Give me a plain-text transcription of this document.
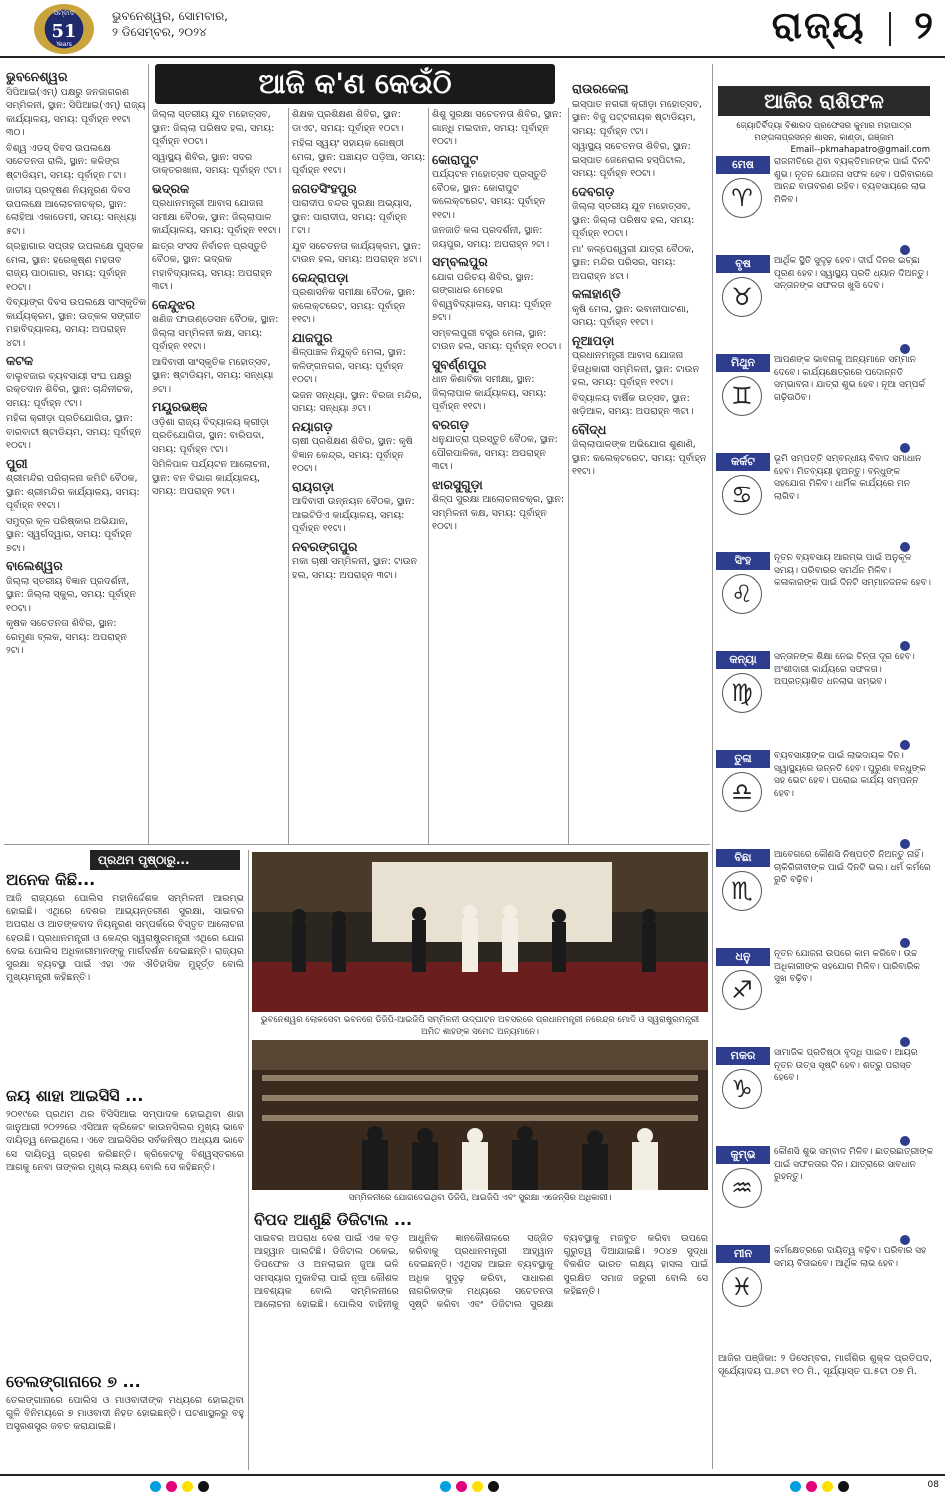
51
ସମ୍ବାଦ
Years
ଭୁବନେଶ୍ୱର, ସୋମବାର,
୨ ଡିସେମ୍ବର, ୨୦୨୪	ରାଜ୍ୟ ୨
ଆଜି କ'ଣ କେଉଁଠି
ଭୁବନେଶ୍ୱର

ସିପିଆଇ(ଏମ୍) ପକ୍ଷରୁ ଜନଜାଗରଣ ସମ୍ମିଳନୀ, ସ୍ଥାନ: ସିପିଆଇ(ଏମ୍) ରାଜ୍ୟ କାର୍ଯ୍ୟାଳୟ, ସମୟ: ପୂର୍ବାହ୍ନ ୧୧ଟା ୩୦।

ବିଶ୍ୱ ଏଡସ୍ ଦିବସ ଉପଲକ୍ଷେ ସଚେତନତା ରାଲି, ସ୍ଥାନ: କଳିଙ୍ଗ ଷ୍ଟାଡିୟମ, ସମୟ: ପୂର୍ବାହ୍ନ ୮ଟା।

ଜାତୀୟ ପ୍ରଦୂଷଣ ନିୟନ୍ତ୍ରଣ ଦିବସ ଉପଲକ୍ଷେ ଆଲୋଚନାଚକ୍ର, ସ୍ଥାନ: ଲୋହିଆ ଏକାଡେମୀ, ସମୟ: ସନ୍ଧ୍ୟା ୫ଟା।

ଗ୍ରନ୍ଥାଗାର ସପ୍ତାହ ଉପଲକ୍ଷେ ପୁସ୍ତକ ମେଳା, ସ୍ଥାନ: ହରେକୃଷ୍ଣ ମହତାବ ରାଜ୍ୟ ପାଠାଗାର, ସମୟ: ପୂର୍ବାହ୍ନ ୧୦ଟା।

ଦିବ୍ୟାଙ୍ଗ ଦିବସ ଉପଲକ୍ଷେ ସାଂସ୍କୃତିକ କାର୍ଯ୍ୟକ୍ରମ, ସ୍ଥାନ: ଉତ୍କଳ ସଙ୍ଗୀତ ମହାବିଦ୍ୟାଳୟ, ସମୟ: ଅପରାହ୍ନ ୪ଟା।

କଟକ

ବାଲୁବଜାର ବ୍ୟବସାୟୀ ସଂଘ ପକ୍ଷରୁ ରକ୍ତଦାନ ଶିବିର, ସ୍ଥାନ: ଚାନ୍ଦିନୀଚକ, ସମୟ: ପୂର୍ବାହ୍ନ ୯ଟା।

ମହିଳା କ୍ରୀଡ଼ା ପ୍ରତିଯୋଗିତା, ସ୍ଥାନ: ବାରବାଟୀ ଷ୍ଟାଡିୟମ, ସମୟ: ପୂର୍ବାହ୍ନ ୧୦ଟା।

ପୁରୀ

ଶ୍ରୀମନ୍ଦିର ପରିଚାଳନା କମିଟି ବୈଠକ, ସ୍ଥାନ: ଶ୍ରୀମନ୍ଦିର କାର୍ଯ୍ୟାଳୟ, ସମୟ: ପୂର୍ବାହ୍ନ ୧୧ଟା।

ସମୁଦ୍ର କୂଳ ପରିଷ୍କାର ଅଭିଯାନ, ସ୍ଥାନ: ସ୍ୱର୍ଗଦ୍ୱାର, ସମୟ: ପୂର୍ବାହ୍ନ ୭ଟା।

ବାଲେଶ୍ୱର

ଜିଲ୍ଲା ସ୍ତରୀୟ ବିଜ୍ଞାନ ପ୍ରଦର୍ଶନୀ, ସ୍ଥାନ: ଜିଲ୍ଲା ସ୍କୁଲ, ସମୟ: ପୂର୍ବାହ୍ନ ୧୦ଟା।

କୃଷକ ସଚେତନତା ଶିବିର, ସ୍ଥାନ: ରେମୁଣା ବ୍ଲକ, ସମୟ: ଅପରାହ୍ନ ୨ଟା।

ଜିଲ୍ଲା ସ୍ତରୀୟ ଯୁବ ମହୋତ୍ସବ, ସ୍ଥାନ: ଜିଲ୍ଲା ପରିଷଦ ହଲ, ସମୟ: ପୂର୍ବାହ୍ନ ୧୦ଟା।

ସ୍ୱାସ୍ଥ୍ୟ ଶିବିର, ସ୍ଥାନ: ସଦର ଡାକ୍ତରଖାନା, ସମୟ: ପୂର୍ବାହ୍ନ ୯ଟା।

ଭଦ୍ରକ

ପ୍ରଧାନମନ୍ତ୍ରୀ ଆବାସ ଯୋଜନା ସମୀକ୍ଷା ବୈଠକ, ସ୍ଥାନ: ଜିଲ୍ଲାପାଳ କାର୍ଯ୍ୟାଳୟ, ସମୟ: ପୂର୍ବାହ୍ନ ୧୧ଟା।

ଛାତ୍ର ସଂସଦ ନିର୍ବାଚନ ପ୍ରସ୍ତୁତି ବୈଠକ, ସ୍ଥାନ: ଭଦ୍ରକ ମହାବିଦ୍ୟାଳୟ, ସମୟ: ଅପରାହ୍ନ ୩ଟା।

କେନ୍ଦୁଝର

ଖଣିଜ ଫାଉଣ୍ଡେସନ ବୈଠକ, ସ୍ଥାନ: ଜିଲ୍ଲା ସମ୍ମିଳନୀ କକ୍ଷ, ସମୟ: ପୂର୍ବାହ୍ନ ୧୧ଟା।

ଆଦିବାସୀ ସାଂସ୍କୃତିକ ମହୋତ୍ସବ, ସ୍ଥାନ: ଷ୍ଟାଡିୟମ, ସମୟ: ସନ୍ଧ୍ୟା ୬ଟା।

ମୟୂରଭଞ୍ଜ

ଓଡ଼ିଶା ରାଜ୍ୟ ବିଦ୍ୟାଳୟ କ୍ରୀଡ଼ା ପ୍ରତିଯୋଗିତା, ସ୍ଥାନ: ବାରିପଦା, ସମୟ: ପୂର୍ବାହ୍ନ ୯ଟା।

ସିମିଳିପାଳ ପର୍ଯ୍ୟଟନ ଆଲୋଚନା, ସ୍ଥାନ: ବନ ବିଭାଗ କାର୍ଯ୍ୟାଳୟ, ସମୟ: ଅପରାହ୍ନ ୨ଟା।

ଶିକ୍ଷକ ପ୍ରଶିକ୍ଷଣ ଶିବିର, ସ୍ଥାନ: ଡାଏଟ, ସମୟ: ପୂର୍ବାହ୍ନ ୧୦ଟା।

ମହିଳା ସ୍ୱୟଂ ସହାୟକ ଗୋଷ୍ଠୀ ମେଳା, ସ୍ଥାନ: ପଞ୍ଚାୟତ ପଡ଼ିଆ, ସମୟ: ପୂର୍ବାହ୍ନ ୧୧ଟା।

ଜଗତସିଂହପୁର

ପାରାଦୀପ ବନ୍ଦର ସୁରକ୍ଷା ଅଭ୍ୟାସ, ସ୍ଥାନ: ପାରାଦୀପ, ସମୟ: ପୂର୍ବାହ୍ନ ୮ଟା।

ଯୁବ ସଚେତନତା କାର୍ଯ୍ୟକ୍ରମ, ସ୍ଥାନ: ଟାଉନ ହଲ, ସମୟ: ଅପରାହ୍ନ ୪ଟା।

କେନ୍ଦ୍ରାପଡ଼ା

ପ୍ରଶାସନିକ ସମୀକ୍ଷା ବୈଠକ, ସ୍ଥାନ: କଲେକ୍ଟରେଟ, ସମୟ: ପୂର୍ବାହ୍ନ ୧୧ଟା।

ଯାଜପୁର

ଶିଳ୍ପାଞ୍ଚଳ ନିଯୁକ୍ତି ମେଳା, ସ୍ଥାନ: କଳିଙ୍ଗନଗର, ସମୟ: ପୂର୍ବାହ୍ନ ୧୦ଟା।

ଭଜନ ସନ୍ଧ୍ୟା, ସ୍ଥାନ: ବିରଜା ମନ୍ଦିର, ସମୟ: ସନ୍ଧ୍ୟା ୬ଟା।

ନୟାଗଡ଼

ଚାଷୀ ପ୍ରଶିକ୍ଷଣ ଶିବିର, ସ୍ଥାନ: କୃଷି ବିଜ୍ଞାନ କେନ୍ଦ୍ର, ସମୟ: ପୂର୍ବାହ୍ନ ୧୦ଟା।

ରାୟଗଡ଼ା

ଆଦିବାସୀ ଉନ୍ନୟନ ବୈଠକ, ସ୍ଥାନ: ଆଇଟିଡିଏ କାର୍ଯ୍ୟାଳୟ, ସମୟ: ପୂର୍ବାହ୍ନ ୧୧ଟା।

ନବରଙ୍ଗପୁର

ମକା ଚାଷୀ ସମ୍ମିଳନୀ, ସ୍ଥାନ: ଟାଉନ ହଲ, ସମୟ: ଅପରାହ୍ନ ୩ଟା।

ଶିଶୁ ସୁରକ୍ଷା ସଚେତନତା ଶିବିର, ସ୍ଥାନ: ଗାନ୍ଧି ମଇଦାନ, ସମୟ: ପୂର୍ବାହ୍ନ ୧୦ଟା।

କୋରାପୁଟ

ପର୍ଯ୍ୟଟନ ମହୋତ୍ସବ ପ୍ରସ୍ତୁତି ବୈଠକ, ସ୍ଥାନ: କୋରାପୁଟ କଲେକ୍ଟରେଟ, ସମୟ: ପୂର୍ବାହ୍ନ ୧୧ଟା।

ଜନଜାତି କଳା ପ୍ରଦର୍ଶନୀ, ସ୍ଥାନ: ଜୟପୁର, ସମୟ: ଅପରାହ୍ନ ୨ଟା।

ସମ୍ବଲପୁର

ଯୋଗ ପରିଚୟ ଶିବିର, ସ୍ଥାନ: ଗଙ୍ଗାଧର ମେହେର ବିଶ୍ୱବିଦ୍ୟାଳୟ, ସମୟ: ପୂର୍ବାହ୍ନ ୭ଟା।

ସମ୍ବଲପୁରୀ ବସ୍ତ୍ର ମେଳା, ସ୍ଥାନ: ଟାଉନ ହଲ, ସମୟ: ପୂର୍ବାହ୍ନ ୧୦ଟା।

ସୁବର୍ଣ୍ଣପୁର

ଧାନ କିଣାବିକା ସମୀକ୍ଷା, ସ୍ଥାନ: ଜିଲ୍ଲାପାଳ କାର୍ଯ୍ୟାଳୟ, ସମୟ: ପୂର୍ବାହ୍ନ ୧୧ଟା।

ବରଗଡ଼

ଧନୁଯାତ୍ରା ପ୍ରସ୍ତୁତି ବୈଠକ, ସ୍ଥାନ: ପୌରପାଳିକା, ସମୟ: ଅପରାହ୍ନ ୩ଟା।

ଝାରସୁଗୁଡ଼ା

ଶିଳ୍ପ ସୁରକ୍ଷା ଆଲୋଚନାଚକ୍ର, ସ୍ଥାନ: ସମ୍ମିଳନୀ କକ୍ଷ, ସମୟ: ପୂର୍ବାହ୍ନ ୧୦ଟା।

ରାଉରକେଲା

ଇସ୍ପାତ ନଗରୀ କ୍ରୀଡ଼ା ମହୋତ୍ସବ, ସ୍ଥାନ: ବିଜୁ ପଟ୍ଟନାୟକ ଷ୍ଟାଡିୟମ, ସମୟ: ପୂର୍ବାହ୍ନ ୯ଟା।

ସ୍ୱାସ୍ଥ୍ୟ ସଚେତନତା ଶିବିର, ସ୍ଥାନ: ଇସ୍ପାତ ଜେନେରାଲ ହସ୍ପିଟାଲ, ସମୟ: ପୂର୍ବାହ୍ନ ୧୦ଟା।

ଦେବଗଡ଼

ଜିଲ୍ଲା ସ୍ତରୀୟ ଯୁବ ମହୋତ୍ସବ, ସ୍ଥାନ: ଜିଲ୍ଲା ପରିଷଦ ହଲ, ସମୟ: ପୂର୍ବାହ୍ନ ୧୦ଟା।

ମା' କଳ୍ପେଶ୍ୱରୀ ଯାତ୍ରା ବୈଠକ, ସ୍ଥାନ: ମନ୍ଦିର ପରିସର, ସମୟ: ଅପରାହ୍ନ ୪ଟା।

କଳାହାଣ୍ଡି

କୃଷି ମେଳା, ସ୍ଥାନ: ଭବାନୀପାଟଣା, ସମୟ: ପୂର୍ବାହ୍ନ ୧୧ଟା।

ନୂଆପଡ଼ା

ପ୍ରଧାନମନ୍ତ୍ରୀ ଆବାସ ଯୋଜନା ହିତାଧିକାରୀ ସମ୍ମିଳନୀ, ସ୍ଥାନ: ଟାଉନ ହଲ, ସମୟ: ପୂର୍ବାହ୍ନ ୧୧ଟା।

ବିଦ୍ୟାଳୟ ବାର୍ଷିକ ଉତ୍ସବ, ସ୍ଥାନ: ଖଡ଼ିଆଳ, ସମୟ: ଅପରାହ୍ନ ୩ଟା।

ବୌଦ୍ଧ

ଜିଲ୍ଲାପାଳଙ୍କ ଅଭିଯୋଗ ଶୁଣାଣି, ସ୍ଥାନ: କଲେକ୍ଟରେଟ, ସମୟ: ପୂର୍ବାହ୍ନ ୧୧ଟା।

ଆଜିର ରାଶିଫଳ
ଜ୍ୟୋତିର୍ବିଦ୍ୟା ବିଶାରଦ ପ୍ରଫେସର କୁମାର ମହାପାତ୍ର
ମଙ୍ଗଳାପ୍ରସନ୍ନ ଶାସନ, କାଣ୍ଡା, ଗଞ୍ଜାମ
Email--pkmahapatro@gmail.com
ମେଷ
♈
ରାଜନୀତିରେ ଥିବା ବ୍ୟକ୍ତିମାନଙ୍କ ପାଇଁ ଦିନଟି ଶୁଭ। ନୂତନ ଯୋଜନା ସଫଳ ହେବ। ପରିବାରରେ ଆନନ୍ଦ ବାତାବରଣ ରହିବ। ବ୍ୟବସାୟରେ ଲାଭ ମିଳିବ।
ବୃଷ
♉
ଆର୍ଥିକ ସ୍ଥିତି ସୁଦୃଢ଼ ହେବ। ଦୀର୍ଘ ଦିନର ଇଚ୍ଛା ପୂରଣ ହେବ। ସ୍ୱାସ୍ଥ୍ୟ ପ୍ରତି ଧ୍ୟାନ ଦିଅନ୍ତୁ। ସନ୍ତାନଙ୍କ ସଫଳତା ଖୁସି ଦେବ।
ମିଥୁନ
♊
ଆପଣଙ୍କ ଭାବନାକୁ ଅନ୍ୟମାନେ ସମ୍ମାନ ଦେବେ। କାର୍ଯ୍ୟକ୍ଷେତ୍ରରେ ପଦୋନ୍ନତି ସମ୍ଭାବନା। ଯାତ୍ରା ଶୁଭ ହେବ। ନୂଆ ସମ୍ପର୍କ ଗଢ଼ିଉଠିବ।
କର୍କଟ
♋
ଭୂମି ସମ୍ପତ୍ତି ସମ୍ବନ୍ଧୀୟ ବିବାଦ ସମାଧାନ ହେବ। ମିତବ୍ୟୟୀ ହୁଅନ୍ତୁ। ବନ୍ଧୁଙ୍କ ସହଯୋଗ ମିଳିବ। ଧାର୍ମିକ କାର୍ଯ୍ୟରେ ମନ ଲାଗିବ।
ସିଂହ
♌
ନୂତନ ବ୍ୟବସାୟ ଆରମ୍ଭ ପାଇଁ ଅନୁକୂଳ ସମୟ। ପରିବାରର ସମର୍ଥନ ମିଳିବ। କଳାକାରଙ୍କ ପାଇଁ ଦିନଟି ସମ୍ମାନଜନକ ହେବ।
କନ୍ୟା
♍
ସନ୍ତାନଙ୍କ ଶିକ୍ଷା ନେଇ ଚିନ୍ତା ଦୂର ହେବ। ଅଂଶୀଦାରୀ କାର୍ଯ୍ୟରେ ସଫଳତା। ଅପ୍ରତ୍ୟାଶିତ ଧନଲାଭ ସମ୍ଭବ।
ତୁଳା
♎
ବ୍ୟବସାୟୀଙ୍କ ପାଇଁ ଲାଭଦାୟକ ଦିନ। ସ୍ୱାସ୍ଥ୍ୟରେ ଉନ୍ନତି ହେବ। ପୁରୁଣା ବନ୍ଧୁଙ୍କ ସହ ଭେଟ ହେବ। ଘରୋଇ କାର୍ଯ୍ୟ ସମ୍ପନ୍ନ ହେବ।
ବିଛା
♏
ଆବେଗରେ କୌଣସି ନିଷ୍ପତ୍ତି ନିଅନ୍ତୁ ନାହିଁ। ଚାକିରିଜୀବୀଙ୍କ ପାଇଁ ଦିନଟି ଭଲ। ଧର୍ମ କର୍ମରେ ରୁଚି ବଢ଼ିବ।
ଧନୁ
♐
ନୂତନ ଯୋଜନା ଉପରେ କାମ କରିବେ। ଉଚ୍ଚ ଅଧିକାରୀଙ୍କ ସହଯୋଗ ମିଳିବ। ପାରିବାରିକ ସୁଖ ବଢ଼ିବ।
ମକର
♑
ସାମାଜିକ ପ୍ରତିଷ୍ଠା ବୃଦ୍ଧି ପାଇବ। ଆୟର ନୂତନ ଉତ୍ସ ସୃଷ୍ଟି ହେବ। ଶତ୍ରୁ ପରାସ୍ତ ହେବେ।
କୁମ୍ଭ
♒
କୌଣସି ଶୁଭ ସମ୍ବାଦ ମିଳିବ। ଛାତ୍ରଛାତ୍ରୀଙ୍କ ପାଇଁ ସଫଳତାର ଦିନ। ଯାତ୍ରାରେ ସାବଧାନ ରୁହନ୍ତୁ।
ମୀନ
♓
କର୍ମକ୍ଷେତ୍ରରେ ଦାୟିତ୍ୱ ବଢ଼ିବ। ପରିବାର ସହ ସମୟ ବିତାଇବେ। ଆର୍ଥିକ ଲାଭ ହେବ।
ଆଜିର ପଞ୍ଜିକା: ୨ ଡିସେମ୍ବର, ମାର୍ଗଶିର ଶୁକ୍ଳ ପ୍ରତିପଦ, ସୂର୍ଯ୍ୟୋଦୟ ଘ.୬ଟା ୧୦ ମି., ସୂର୍ଯ୍ୟାସ୍ତ ଘ.୫ଟା ୦୭ ମି.
ପ୍ରଥମ ପୃଷ୍ଠାରୁ...
ଅନେକ କିଛି...
ଆଜି ରାଜ୍ୟରେ ପୋଲିସ ମହାନିର୍ଦ୍ଦେଶକ ସମ୍ମିଳନୀ ଆରମ୍ଭ ହୋଇଛି। ଏଥିରେ ଦେଶର ଆଭ୍ୟନ୍ତରୀଣ ସୁରକ୍ଷା, ସାଇବର ଅପରାଧ ଓ ଆତଙ୍କବାଦ ନିୟନ୍ତ୍ରଣ ସମ୍ପର୍କରେ ବିସ୍ତୃତ ଆଲୋଚନା ହେଉଛି। ପ୍ରଧାନମନ୍ତ୍ରୀ ଓ କେନ୍ଦ୍ର ସ୍ୱରାଷ୍ଟ୍ରମନ୍ତ୍ରୀ ଏଥିରେ ଯୋଗ ଦେଇ ପୋଲିସ ଅଧିକାରୀମାନଙ୍କୁ ମାର୍ଗଦର୍ଶନ ଦେଇଛନ୍ତି। ରାଜ୍ୟର ସୁରକ୍ଷା ବ୍ୟବସ୍ଥା ପାଇଁ ଏହା ଏକ ଐତିହାସିକ ମୁହୂର୍ତ୍ତ ବୋଲି ମୁଖ୍ୟମନ୍ତ୍ରୀ କହିଛନ୍ତି।
ଜୟ ଶାହା ଆଇସିସି ...
୨୦୧୯ରେ ପ୍ରଥମ ଥର ବିସିସିଆଇ ସମ୍ପାଦକ ହୋଇଥିବା ଶାହା ଜାନୁଆରୀ ୨୦୨୨ରେ ଏସିଆନ କ୍ରିକେଟ କାଉନସିଲର ମୁଖ୍ୟ ଭାବେ ଦାୟିତ୍ୱ ନେଇଥିଲେ। ଏବେ ଆଇସିସିର ସର୍ବକନିଷ୍ଠ ଅଧ୍ୟକ୍ଷ ଭାବେ ସେ ଦାୟିତ୍ୱ ଗ୍ରହଣ କରିଛନ୍ତି। କ୍ରିକେଟକୁ ବିଶ୍ୱସ୍ତରରେ ଆଗକୁ ନେବା ତାଙ୍କର ମୁଖ୍ୟ ଲକ୍ଷ୍ୟ ବୋଲି ସେ କହିଛନ୍ତି।
ତେଲଙ୍ଗାନାରେ ୭ ...
ତେଲଙ୍ଗାନାରେ ପୋଲିସ ଓ ମାଓବାଦୀଙ୍କ ମଧ୍ୟରେ ହୋଇଥିବା ଗୁଳି ବିନିମୟରେ ୭ ମାଓବାଦୀ ନିହତ ହୋଇଛନ୍ତି। ଘଟଣାସ୍ଥଳରୁ ବହୁ ଅସ୍ତ୍ରଶସ୍ତ୍ର ଜବତ କରାଯାଇଛି।
ଭୁବନେଶ୍ୱର ଲୋକସେବା ଭବନରେ ଡିଜିପି-ଆଇଜିପି ସମ୍ମିଳନୀ ଉଦ୍‌ଘାଟନ ଅବସରରେ ପ୍ରଧାନମନ୍ତ୍ରୀ ନରେନ୍ଦ୍ର ମୋଦି ଓ ସ୍ୱରାଷ୍ଟ୍ରମନ୍ତ୍ରୀ ଅମିତ ଶାହଙ୍କ ସମେତ ଅନ୍ୟମାନେ।
ସମ୍ମିଳନୀରେ ଯୋଗଦେଇଥିବା ଡିଜିପି, ଆଇଜିପି ଏବଂ ସୁରକ୍ଷା ଏଜେନ୍ସିର ଅଧିକାରୀ।
ବିପଦ ଆଣୁଛି ଡିଜିଟାଲ ...
ସାଇବର ଅପରାଧ ଦେଶ ପାଇଁ ଏକ ବଡ଼ ଆହ୍ୱାନ ପାଲଟିଛି। ଡିଜିଟାଲ ଠକେଇ, ଡିପଫେକ ଓ ଅନଲାଇନ ଜୁଆ ଭଳି ସମସ୍ୟାର ମୁକାବିଲା ପାଇଁ ନୂଆ କୌଶଳ ଆବଶ୍ୟକ ବୋଲି ସମ୍ମିଳନୀରେ ଆଲୋଚନା ହୋଇଛି। ପୋଲିସ ବାହିନୀକୁ ଆଧୁନିକ ଜ୍ଞାନକୌଶଳରେ ସଜ୍ଜିତ କରିବାକୁ ପ୍ରଧାନମନ୍ତ୍ରୀ ଆହ୍ୱାନ ଦେଇଛନ୍ତି। ଏଥିସହ ଆଇନ ବ୍ୟବସ୍ଥାକୁ ଅଧିକ ସୁଦୃଢ଼ କରିବା, ସାଧାରଣ ନାଗରିକଙ୍କ ମଧ୍ୟରେ ସଚେତନତା ସୃଷ୍ଟି କରିବା ଏବଂ ଡିଜିଟାଲ ସୁରକ୍ଷା ବ୍ୟବସ୍ଥାକୁ ମଜବୁତ କରିବା ଉପରେ ଗୁରୁତ୍ୱ ଦିଆଯାଇଛି। ୨୦୪୭ ସୁଦ୍ଧା ବିକଶିତ ଭାରତ ଲକ୍ଷ୍ୟ ହାସଲ ପାଇଁ ସୁରକ୍ଷିତ ସମାଜ ଜରୁରୀ ବୋଲି ସେ କହିଛନ୍ତି।
08
